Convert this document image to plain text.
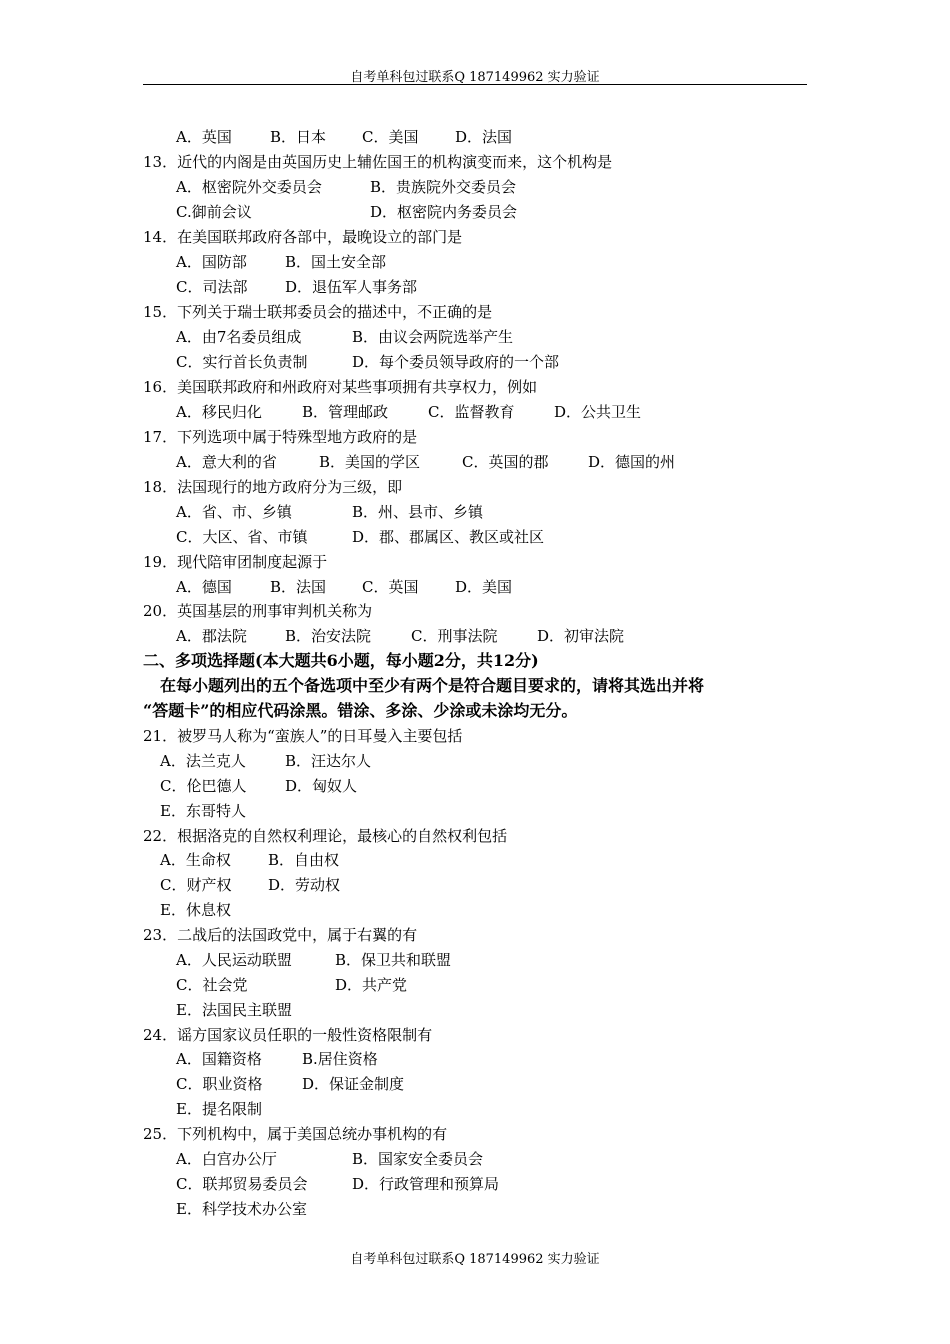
自考单科包过联系Q 187149962 实力验证
A．英国	B．日本 C．美国 D．法国
13．近代的内阁是由英国历史上辅佐国王的机构演变而来，这个机构是
A．枢密院外交委员会	B．贵族院外交委员会
C.御前会议	D．枢密院内务委员会
14．在美国联邦政府各部中，最晚设立的部门是
A．国防部	B．国土安全部
C．司法部	D．退伍军人事务部
15．下列关于瑞士联邦委员会的描述中，不正确的是
A．由7名委员组成	B．由议会两院选举产生
C．实行首长负责制	D．每个委员领导政府的一个部
16．美国联邦政府和州政府对某些事项拥有共享权力，例如
A．移民归化	B．管理邮政	C．监督教育	D．公共卫生
17．下列选项中属于特殊型地方政府的是
A．意大利的省	B．美国的学区	C．英国的郡	D．德国的州
18．法国现行的地方政府分为三级，即
A．省、市、乡镇	B．州、县市、乡镇
C．大区、省、市镇	D．郡、郡属区、教区或社区
19．现代陪审团制度起源于
A．德国	B．法国 C．英国 D．美国
20．英国基层的刑事审判机关称为
A．郡法院	B．治安法院	C．刑事法院	D．初审法院
二、多项选择题(本大题共6小题，每小题2分，共12分)
在每小题列出的五个备选项中至少有两个是符合题目要求的，请将其选出并将
“答题卡”的相应代码涂黑。错涂、多涂、少涂或未涂均无分。
21．被罗马人称为“蛮族人”的日耳曼入主要包括
A．法兰克人	B．汪达尔人
C．伦巴德人	D．匈奴人
E．东哥特人
22．根据洛克的自然权利理论，最核心的自然权利包括
A．生命权 B．自由权
C．财产权 D．劳动权
E．休息权
23．二战后的法国政党中，属于右翼的有
A．人民运动联盟	B．保卫共和联盟
C．社会党	D．共产党
E．法国民主联盟
24．谣方国家议员任职的一般性资格限制有
A．国籍资格	B.居住资格
C．职业资格	D．保证金制度
E．提名限制
25．下列机构中，属于美国总统办事机构的有
A．白宫办公厅	B．国家安全委员会
C．联邦贸易委员会	D．行政管理和预算局
E．科学技术办公室
自考单科包过联系Q 187149962 实力验证
